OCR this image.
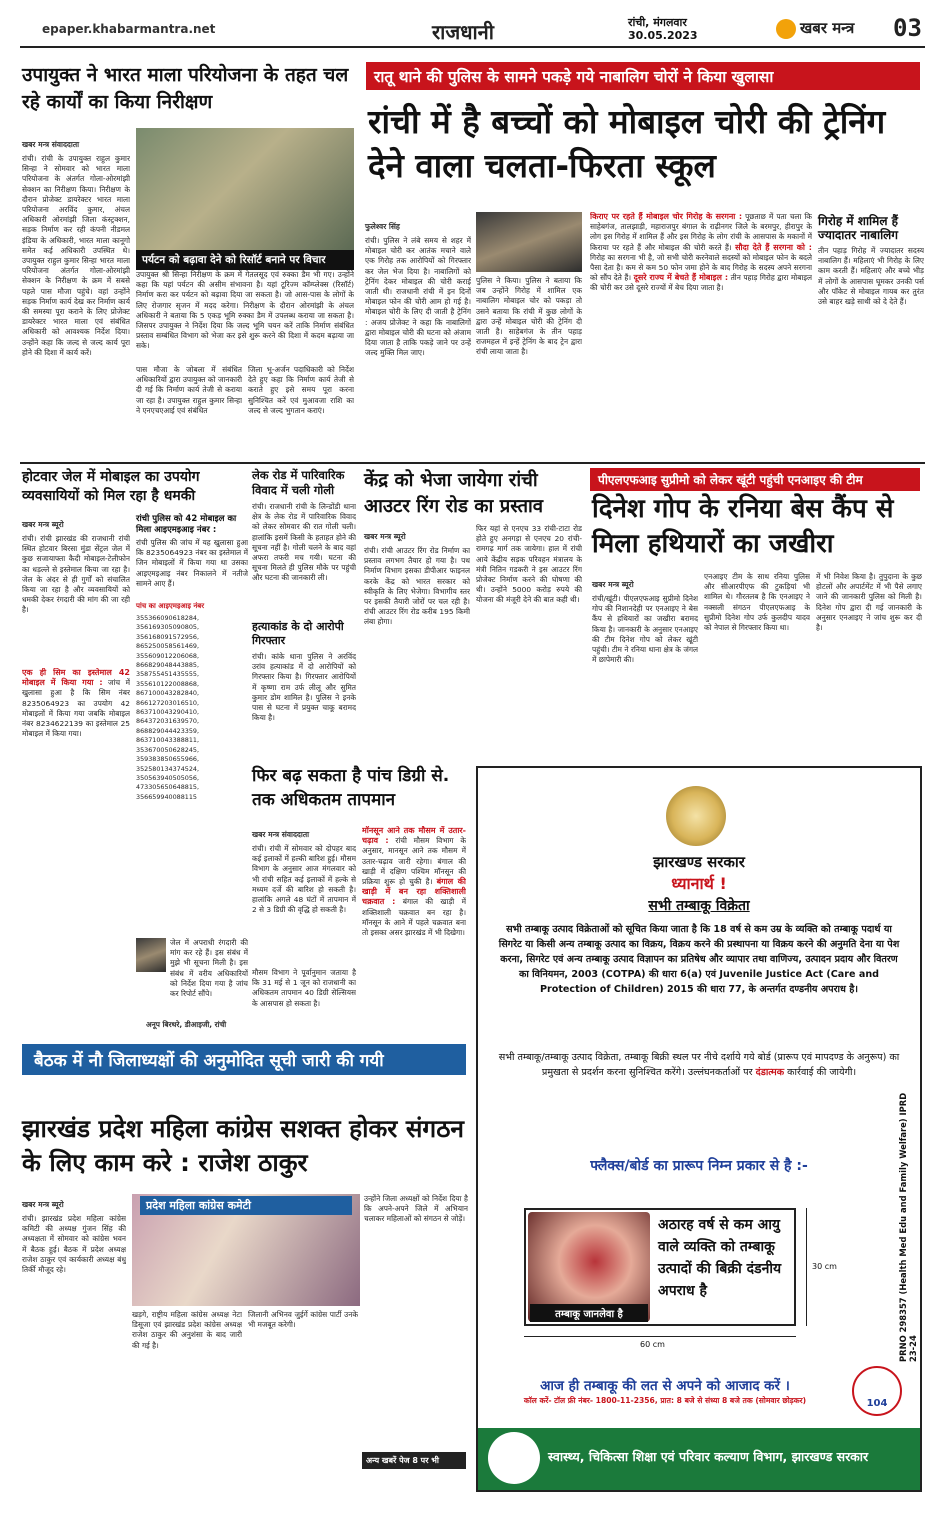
epaper.khabarmantra.net	राजधानी	रांची, मंगलवार
30.05.2023	खबर मन्त्र 03
उपायुक्त ने भारत माला परियोजना के तहत चल रहे कार्यों का किया निरीक्षण
खबर मन्त्र संवाददाता
रांची। रांची के उपायुक्त राहुल कुमार सिन्हा ने सोमवार को भारत माला परियोजना के अंतर्गत गोला-ओरमांझी सेक्शन का निरीक्षण किया। निरीक्षण के दौरान प्रोजेक्ट डायरेक्टर भारत माला परियोजना अरविंद कुमार, अंचल अधिकारी ओरमांझी जिला कंस्ट्रक्शन, सड़क निर्माण कर रही कंपनी नीडमल इंडिया के अधिकारी, भारत माला कानूगो समेत कई अधिकारी उपस्थित थे। उपायुक्त राहुल कुमार सिन्हा भारत माला परियोजना अंतर्गत गोला-ओरमांझी सेक्शन के निरीक्षण के क्रम में सबसे पहले पास मौजा पहुंचे। वहां उन्होंने सड़क निर्माण कार्य देख कर निर्माण कार्य की समस्या पूरा कराने के लिए प्रोजेक्ट डायरेक्टर भारत माला एवं संबंधित अधिकारी को आवश्यक निर्देश दिया। उन्होंने कहा कि जल्द से जल्द कार्य पूरा होने की दिशा में कार्य करें।
पर्यटन को बढ़ावा देने को रिसॉर्ट बनाने पर विचार
उपायुक्त श्री सिन्हा निरीक्षण के क्रम में गेतलसूद एवं रुक्का डैम भी गए। उन्होंने कहा कि यहां पर्यटन की असीम संभावना है। यहां टूरिज्म कॉम्प्लेक्स (रिसॉर्ट) निर्माण करा कर पर्यटन को बढ़ावा दिया जा सकता है। जो आस-पास के लोगों के लिए रोजगार सृजन में मदद करेगा। निरीक्षण के दौरान ओरमांझी के अंचल अधिकारी ने बताया कि 5 एकड़ भूमि रुक्का डैम में उपलब्ध कराया जा सकता है। जिसपर उपायुक्त ने निर्देश दिया कि जल्द भूमि चयन करें ताकि निर्माण संबंधित प्रस्ताव सम्बंधित विभाग को भेजा कर इसे शुरू करने की दिशा में कदम बढ़ाया जा सके।
पास मौजा के जोबला में संबंधित अधिकारियों द्वारा उपायुक्त को जानकारी दी गई कि निर्माण कार्य तेजी से कराया जा रहा है। उपायुक्त राहुल कुमार सिन्हा ने एनएचएआई एवं संबंधित
जिला भू-अर्जन पदाधिकारी को निर्देश देते हुए कहा कि निर्माण कार्य तेजी से कराते हुए इसे समय पूरा करना सुनिश्चित करें एवं मुआवजा राशि का जल्द से जल्द भुगतान कराएं।
रातू थाने की पुलिस के सामने पकड़े गये नाबालिग चोरों ने किया खुलासा
रांची में है बच्चों को मोबाइल चोरी की ट्रेनिंग देने वाला चलता-फिरता स्कूल
फुलेश्वर सिंह
रांची। पुलिस ने लंबे समय से शहर में मोबाइल चोरी कर आतंक मचाने वाले एक गिरोह तक आरोपियों को गिरफ्तार कर जेल भेज दिया है। नाबालिगों को ट्रेनिंग देकर मोबाइल की चोरी कराई जाती थी। राजधानी रांची में इन दिनों मोबाइल फोन की चोरी आम हो गई है। मोबाइल चोरी के लिए दी जाती है ट्रेनिंग : अजय प्रोजेक्ट ने कहा कि नाबालिगों द्वारा मोबाइल चोरी की घटना को अंजाम दिया जाता है ताकि पकड़े जाने पर उन्हें जल्द मुक्ति मिल जाए।
पुलिस ने किया। पुलिस ने बताया कि जब उन्होंने गिरोह में शामिल एक नाबालिग मोबाइल चोर को पकड़ा तो उसने बताया कि रांची में कुछ लोगों के द्वारा उन्हें मोबाइल चोरी की ट्रेनिंग दी जाती है। साहेबगंज के तीन पहाड़ राजमहल में इन्हें ट्रेनिंग के बाद ट्रेन द्वारा रांची लाया जाता है।
किराए पर रहते हैं मोबाइल चोर गिरोह के सरगना : पूछताछ में पता चला कि साहेबगंज, तालझाड़ी, महाराजपुर बंगाल के राढ़ीनगर जिले के बरमपुर, हीरापुर के लोग इस गिरोह में शामिल हैं और इस गिरोह के लोग रांची के आसपास के मकानों में किराया पर रहते हैं और मोबाइल की चोरी करते हैं। सौदा देते हैं सरगना को : गिरोह का सरगना भी है, जो सभी चोरी करनेवाले सदस्यों को मोबाइल फोन के बदले पैसा देता है। कम से कम 50 फोन जमा होने के बाद गिरोह के सदस्य अपने सरगना को सौंप देते हैं। दूसरे राज्य में बेचते हैं मोबाइल : तीन पहाड़ गिरोह द्वारा मोबाइल की चोरी कर उसे दूसरे राज्यों में बेच दिया जाता है।
गिरोह में शामिल हैं ज्यादातर नाबालिग
तीन पहाड़ गिरोह में ज्यादातर सदस्य नाबालिग हैं। महिलाएं भी गिरोह के लिए काम करती हैं। महिलाएं और बच्चे भीड़ में लोगों के आसपास घूमकर उनकी पर्स और पॉकेट से मोबाइल गायब कर तुरंत उसे बाहर खड़े साथी को दे देते हैं।
होटवार जेल में मोबाइल का उपयोग व्यवसायियों को मिल रहा है धमकी
खबर मन्त्र ब्यूरो
रांची। रांची झारखंड की राजधानी रांची स्थित होटवार बिरसा मुंडा सेंट्रल जेल में कुछ सजायाफ्ता कैदी मोबाइल-टेलीफोन का धड़ल्ले से इस्तेमाल किया जा रहा है। जेल के अंदर से ही गुर्गों को संचालित किया जा रहा है और व्यवसायियों को धमकी देकर रंगदारी की मांग की जा रही है।
एक ही सिम का इस्तेमाल 42 मोबाइल में किया गया : जांच में खुलासा हुआ है कि सिम नंबर 8235064923 का उपयोग 42 मोबाइलों में किया गया जबकि मोबाइल नंबर 8234622139 का इस्तेमाल 25 मोबाइल में किया गया।
रांची पुलिस को 42 मोबाइल का मिला आइएमइआइ नंबर :
रांची पुलिस की जांच में यह खुलासा हुआ कि 8235064923 नंबर का इस्तेमाल में जिन मोबाइलों में किया गया था उसका आइएमइआइ नंबर निकालने में नतीजे सामने आए हैं।
पांच का आइएमइआइ नंबर
355366090618284, 356169305090805, 356168091572956, 865250058561469, 355609012206068, 866829048443885, 358755451435555, 355610122008868, 867100043282840, 866127203016510, 863710043290410, 864372031639570, 868829044423359, 863710043388811, 353670050628245, 359383850655966, 352580134374524, 350563940505056, 473305650648815, 356659940088115
जेल में अपराधी रंगदारी की मांग कर रहे हैं। इस संबंध में मुझे भी सूचना मिली है। इस संबंध में वरीय अधिकारियों को निर्देश दिया गया है जांच कर रिपोर्ट सौंपे।
अनूप बिरथरे, डीआइजी, रांची
लेक रोड में पारिवारिक विवाद में चली गोली
रांची। राजधानी रांची के लिन्डोंडी थाना क्षेत्र के लेक रोड में पारिवारिक विवाद को लेकर सोमवार की रात गोली चली। हालांकि इसमें किसी के हताहत होने की सूचना नहीं है। गोली चलने के बाद वहां अफरा तफरी मच गयी। घटना की सूचना मिलते ही पुलिस मौके पर पहुंची और घटना की जानकारी ली।
हत्याकांड के दो आरोपी गिरफ्तार
रांची। कांके थाना पुलिस ने अरविंद उरांव हत्याकांड में दो आरोपियों को गिरफ्तार किया है। गिरफ्तार आरोपियों में कृष्णा राम उर्फ लीलू और सुमित कुमार डोम शामिल है। पुलिस ने इनके पास से घटना में प्रयुक्त चाकू बरामद किया है।
केंद्र को भेजा जायेगा रांची आउटर रिंग रोड का प्रस्ताव
खबर मन्त्र ब्यूरो
रांची। रांची आउटर रिंग रोड निर्माण का प्रस्ताव लगभग तैयार हो गया है। पथ निर्माण विभाग इसका डीपीआर फाइनल करके केंद्र को भारत सरकार को स्वीकृति के लिए भेजेगा। विभागीय स्तर पर इसकी तैयारी जोरों पर चल रही है। रांची आउटर रिंग रोड करीब 195 किमी लंबा होगा।
फिर यहां से एनएच 33 रांची-टाटा रोड होते हुए अनगड़ा से एनएच 20 रांची-रामगढ़ मार्ग तक जायेगा। हाल में रांची आये केंद्रीय सड़क परिवहन मंत्रालय के मंत्री नितिन गडकरी ने इस आउटर रिंग प्रोजेक्ट निर्माण करने की घोषणा की थी। उन्होंने 5000 करोड़ रुपये की योजना की मंजूरी देने की बात कही थी।
पीएलएफआइ सुप्रीमो को लेकर खूंटी पहुंची एनआइए की टीम
दिनेश गोप के रनिया बेस कैंप से मिला हथियारों का जखीरा
खबर मन्त्र ब्यूरो
रांची/खूंटी। पीएलएफआइ सुप्रीमो दिनेश गोप की निशानदेही पर एनआइए ने बेस कैंप से हथियारों का जखीरा बरामद किया है। जानकारी के अनुसार एनआइए की टीम दिनेश गोप को लेकर खूंटी पहुंची। टीम ने रनिया थाना क्षेत्र के जंगल में छापेमारी की।
एनआइए टीम के साथ रनिया पुलिस और सीआरपीएफ की टुकड़ियां भी शामिल थे। गौरतलब है कि एनआइए ने नक्सली संगठन पीएलएफआइ के सुप्रीमो दिनेश गोप उर्फ कुलदीप यादव को नेपाल से गिरफ्तार किया था।
में भी निवेश किया है। तुपुदाना के कुछ होटलों और अपार्टमेंट में भी पैसे लगाए जाने की जानकारी पुलिस को मिली है। दिनेश गोप द्वारा दी गई जानकारी के अनुसार एनआइए ने जांच शुरू कर दी है।
फिर बढ़ सकता है पांच डिग्री से. तक अधिकतम तापमान
खबर मन्त्र संवाददाता
रांची। रांची में सोमवार को दोपहर बाद कई इलाकों में हल्की बारिश हुई। मौसम विभाग के अनुसार आज मंगलवार को भी रांची सहित कई इलाकों में हल्के से मध्यम दर्जे की बारिश हो सकती है। हालांकि अगले 48 घंटों में तापमान में 2 से 3 डिग्री की वृद्धि हो सकती है।
मौसम विभाग ने पूर्वानुमान जताया है कि 31 मई से 1 जून को राजधानी का अधिकतम तापमान 40 डिग्री सेल्सियस के आसपास हो सकता है।
मॉनसून आने तक मौसम में उतार-चढ़ाव : रांची मौसम विभाग के अनुसार, मानसून आने तक मौसम में उतार-चढ़ाव जारी रहेगा। बंगाल की खाड़ी में दक्षिण पश्चिम मॉनसून की प्रक्रिया शुरू हो चुकी है। बंगाल की खाड़ी में बन रहा शक्तिशाली चक्रवात : बंगाल की खाड़ी में शक्तिशाली चक्रवात बन रहा है। मॉनसून के आने में पहले चक्रवात बना तो इसका असर झारखंड में भी दिखेगा।
बैठक में नौ जिलाध्यक्षों की अनुमोदित सूची जारी की गयी
झारखंड प्रदेश महिला कांग्रेस सशक्त होकर संगठन के लिए काम करे : राजेश ठाकुर
खबर मन्त्र ब्यूरो
रांची। झारखंड प्रदेश महिला कांग्रेस कमिटी की अध्यक्ष गुंजन सिंह की अध्यक्षता में सोमवार को कांग्रेस भवन में बैठक हुई। बैठक में प्रदेश अध्यक्ष राजेश ठाकुर एवं कार्यकारी अध्यक्ष बंधु तिर्की मौजूद रहे।
प्रदेश महिला कांग्रेस कमेटी
खड़गे, राष्ट्रीय महिला कांग्रेस अध्यक्ष नेटा डिसूजा एवं झारखंड प्रदेश कांग्रेस अध्यक्ष राजेश ठाकुर की अनुशंसा के बाद जारी की गई है।
जिलानी अभिनव जुईर्गे कांग्रेस पार्टी उनके भी मजबूत करेगी।
उन्होंने जिला अध्यक्षों को निर्देश दिया है कि अपने-अपने जिले में अभियान चलाकर महिलाओं को संगठन से जोड़ें।
अन्य खबरें पेज 8 पर भी
झारखण्ड सरकार
ध्यानार्थ !
सभी तम्बाकू विक्रेता
सभी तम्बाकू उत्पाद विक्रेताओं को सूचित किया जाता है कि 18 वर्ष से कम उम्र के व्यक्ति को तम्बाकू पदार्थ या सिगरेट या किसी अन्य तम्बाकू उत्पाद का विक्रय, विक्रय करने की प्रस्थापना या विक्रय करने की अनुमति देना या पेश करना, सिगरेट एवं अन्य तम्बाकू उत्पाद विज्ञापन का प्रतिषेध और व्यापार तथा वाणिज्य, उत्पादन प्रदाय और वितरण का विनियमन, 2003 (COTPA) की धारा 6(a) एवं Juvenile Justice Act (Care and Protection of Children) 2015 की धारा 77, के अन्तर्गत दण्डनीय अपराध है।
सभी तम्बाकू/तम्बाकू उत्पाद विक्रेता, तम्बाकू बिक्री स्थल पर नीचे दर्शाये गये बोर्ड (प्रारूप एवं मापदण्ड के अनुरूप) का प्रमुखता से प्रदर्शन करना सुनिश्चित करेंगे। उल्लंघनकर्ताओं पर दंडात्मक कार्रवाई की जायेगी।
फ्लैक्स/बोर्ड का प्रारूप निम्न प्रकार से है :-
तम्बाकू जानलेवा है
अठारह वर्ष से कम आयु वाले व्यक्ति को तम्बाकू उत्पादों की बिक्री दंडनीय अपराध है
60 cm
30 cm
आज ही तम्बाकू की लत से अपने को आजाद करें ।
कॉल करें- टॉल फ्री नंबर- 1800-11-2356, प्रात: 8 बजे से संध्या 8 बजे तक (सोमवार छोड़कर)	104
स्वास्थ्य, चिकित्सा शिक्षा एवं परिवार कल्याण विभाग, झारखण्ड सरकार
PRNO 298357 (Health Med Edu and Family Welfare) IPRD 23-24
